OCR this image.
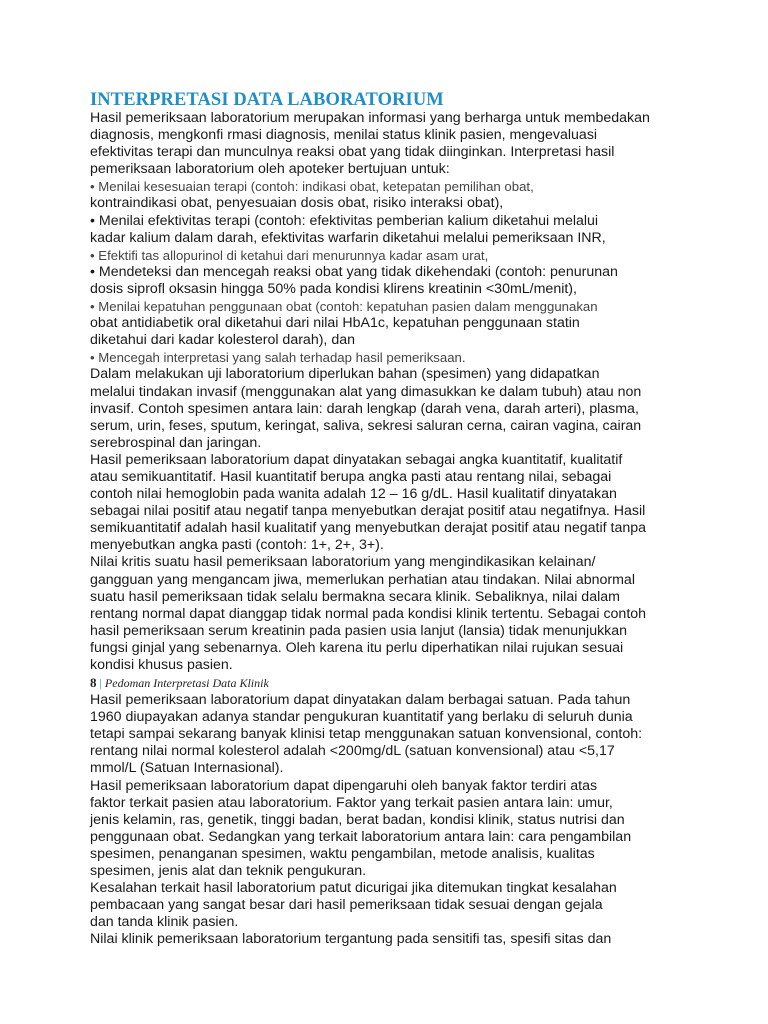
INTERPRETASI DATA LABORATORIUM
Hasil pemeriksaan laboratorium merupakan informasi yang berharga untuk membedakan
diagnosis, mengkonfi rmasi diagnosis, menilai status klinik pasien, mengevaluasi
efektivitas terapi dan munculnya reaksi obat yang tidak diinginkan. Interpretasi hasil
pemeriksaan laboratorium oleh apoteker bertujuan untuk:
• Menilai kesesuaian terapi (contoh: indikasi obat, ketepatan pemilihan obat,
kontraindikasi obat, penyesuaian dosis obat, risiko interaksi obat),
• Menilai efektivitas terapi (contoh: efektivitas pemberian kalium diketahui melalui
kadar kalium dalam darah, efektivitas warfarin diketahui melalui pemeriksaan INR,
• Efektifi tas allopurinol di ketahui dari menurunnya kadar asam urat,
• Mendeteksi dan mencegah reaksi obat yang tidak dikehendaki (contoh: penurunan
dosis siprofl oksasin hingga 50% pada kondisi klirens kreatinin <30mL/menit),
• Menilai kepatuhan penggunaan obat (contoh: kepatuhan pasien dalam menggunakan
obat antidiabetik oral diketahui dari nilai HbA1c, kepatuhan penggunaan statin
diketahui dari kadar kolesterol darah), dan
• Mencegah interpretasi yang salah terhadap hasil pemeriksaan.
Dalam melakukan uji laboratorium diperlukan bahan (spesimen) yang didapatkan
melalui tindakan invasif (menggunakan alat yang dimasukkan ke dalam tubuh) atau non
invasif. Contoh spesimen antara lain: darah lengkap (darah vena, darah arteri), plasma,
serum, urin, feses, sputum, keringat, saliva, sekresi saluran cerna, cairan vagina, cairan
serebrospinal dan jaringan.
Hasil pemeriksaan laboratorium dapat dinyatakan sebagai angka kuantitatif, kualitatif
atau semikuantitatif. Hasil kuantitatif berupa angka pasti atau rentang nilai, sebagai
contoh nilai hemoglobin pada wanita adalah 12 – 16 g/dL. Hasil kualitatif dinyatakan
sebagai nilai positif atau negatif tanpa menyebutkan derajat positif atau negatifnya. Hasil
semikuantitatif adalah hasil kualitatif yang menyebutkan derajat positif atau negatif tanpa
menyebutkan angka pasti (contoh: 1+, 2+, 3+).
Nilai kritis suatu hasil pemeriksaan laboratorium yang mengindikasikan kelainan/
gangguan yang mengancam jiwa, memerlukan perhatian atau tindakan. Nilai abnormal
suatu hasil pemeriksaan tidak selalu bermakna secara klinik. Sebaliknya, nilai dalam
rentang normal dapat dianggap tidak normal pada kondisi klinik tertentu. Sebagai contoh
hasil pemeriksaan serum kreatinin pada pasien usia lanjut (lansia) tidak menunjukkan
fungsi ginjal yang sebenarnya. Oleh karena itu perlu diperhatikan nilai rujukan sesuai
kondisi khusus pasien.
8 | Pedoman Interpretasi Data Klinik
Hasil pemeriksaan laboratorium dapat dinyatakan dalam berbagai satuan. Pada tahun
1960 diupayakan adanya standar pengukuran kuantitatif yang berlaku di seluruh dunia
tetapi sampai sekarang banyak klinisi tetap menggunakan satuan konvensional, contoh:
rentang nilai normal kolesterol adalah <200mg/dL (satuan konvensional) atau <5,17
mmol/L (Satuan Internasional).
Hasil pemeriksaan laboratorium dapat dipengaruhi oleh banyak faktor terdiri atas
faktor terkait pasien atau laboratorium. Faktor yang terkait pasien antara lain: umur,
jenis kelamin, ras, genetik, tinggi badan, berat badan, kondisi klinik, status nutrisi dan
penggunaan obat. Sedangkan yang terkait laboratorium antara lain: cara pengambilan
spesimen, penanganan spesimen, waktu pengambilan, metode analisis, kualitas
spesimen, jenis alat dan teknik pengukuran.
Kesalahan terkait hasil laboratorium patut dicurigai jika ditemukan tingkat kesalahan
pembacaan yang sangat besar dari hasil pemeriksaan tidak sesuai dengan gejala
dan tanda klinik pasien.
Nilai klinik pemeriksaan laboratorium tergantung pada sensitifi tas, spesifi sitas dan
